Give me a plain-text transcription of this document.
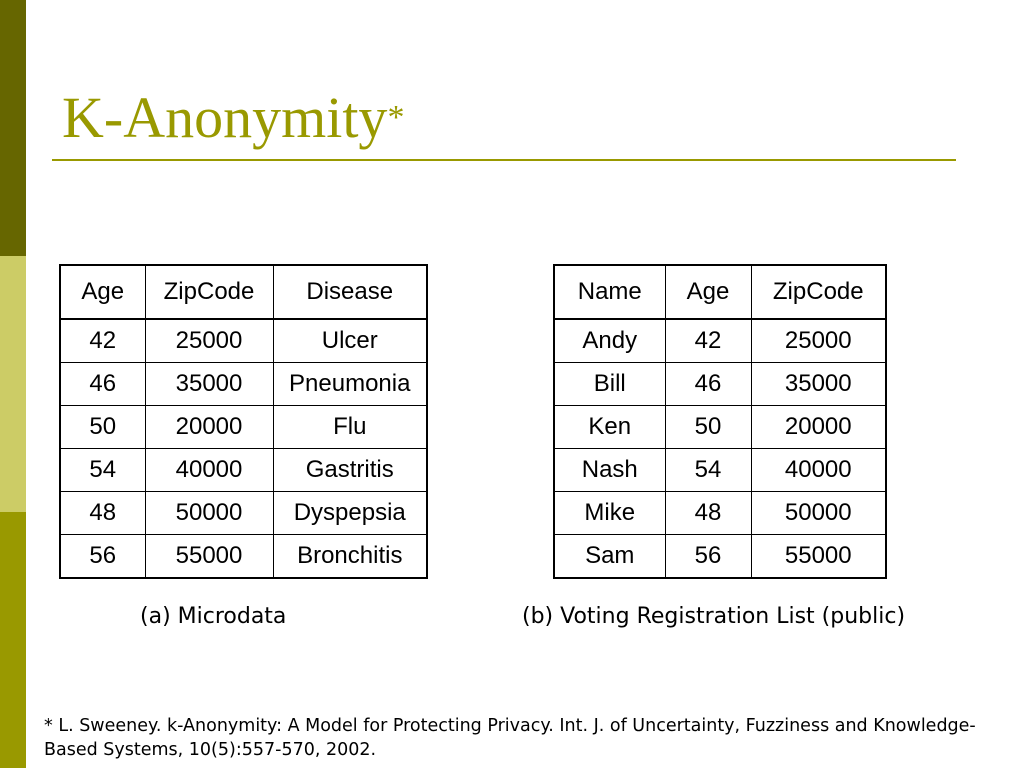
K-Anonymity*
Age	ZipCode	Disease
42	25000	Ulcer
46	35000	Pneumonia
50	20000	Flu
54	40000	Gastritis
48	50000	Dyspepsia
56	55000	Bronchitis
Name	Age	ZipCode
Andy	42	25000
Bill	46	35000
Ken	50	20000
Nash	54	40000
Mike	48	50000
Sam	56	55000

(a) Microdata	(b) Voting Registration List (public)

* L. Sweeney. k-Anonymity: A Model for Protecting Privacy. Int. J. of Uncertainty, Fuzziness and Knowledge-Based Systems, 10(5):557-570, 2002.
